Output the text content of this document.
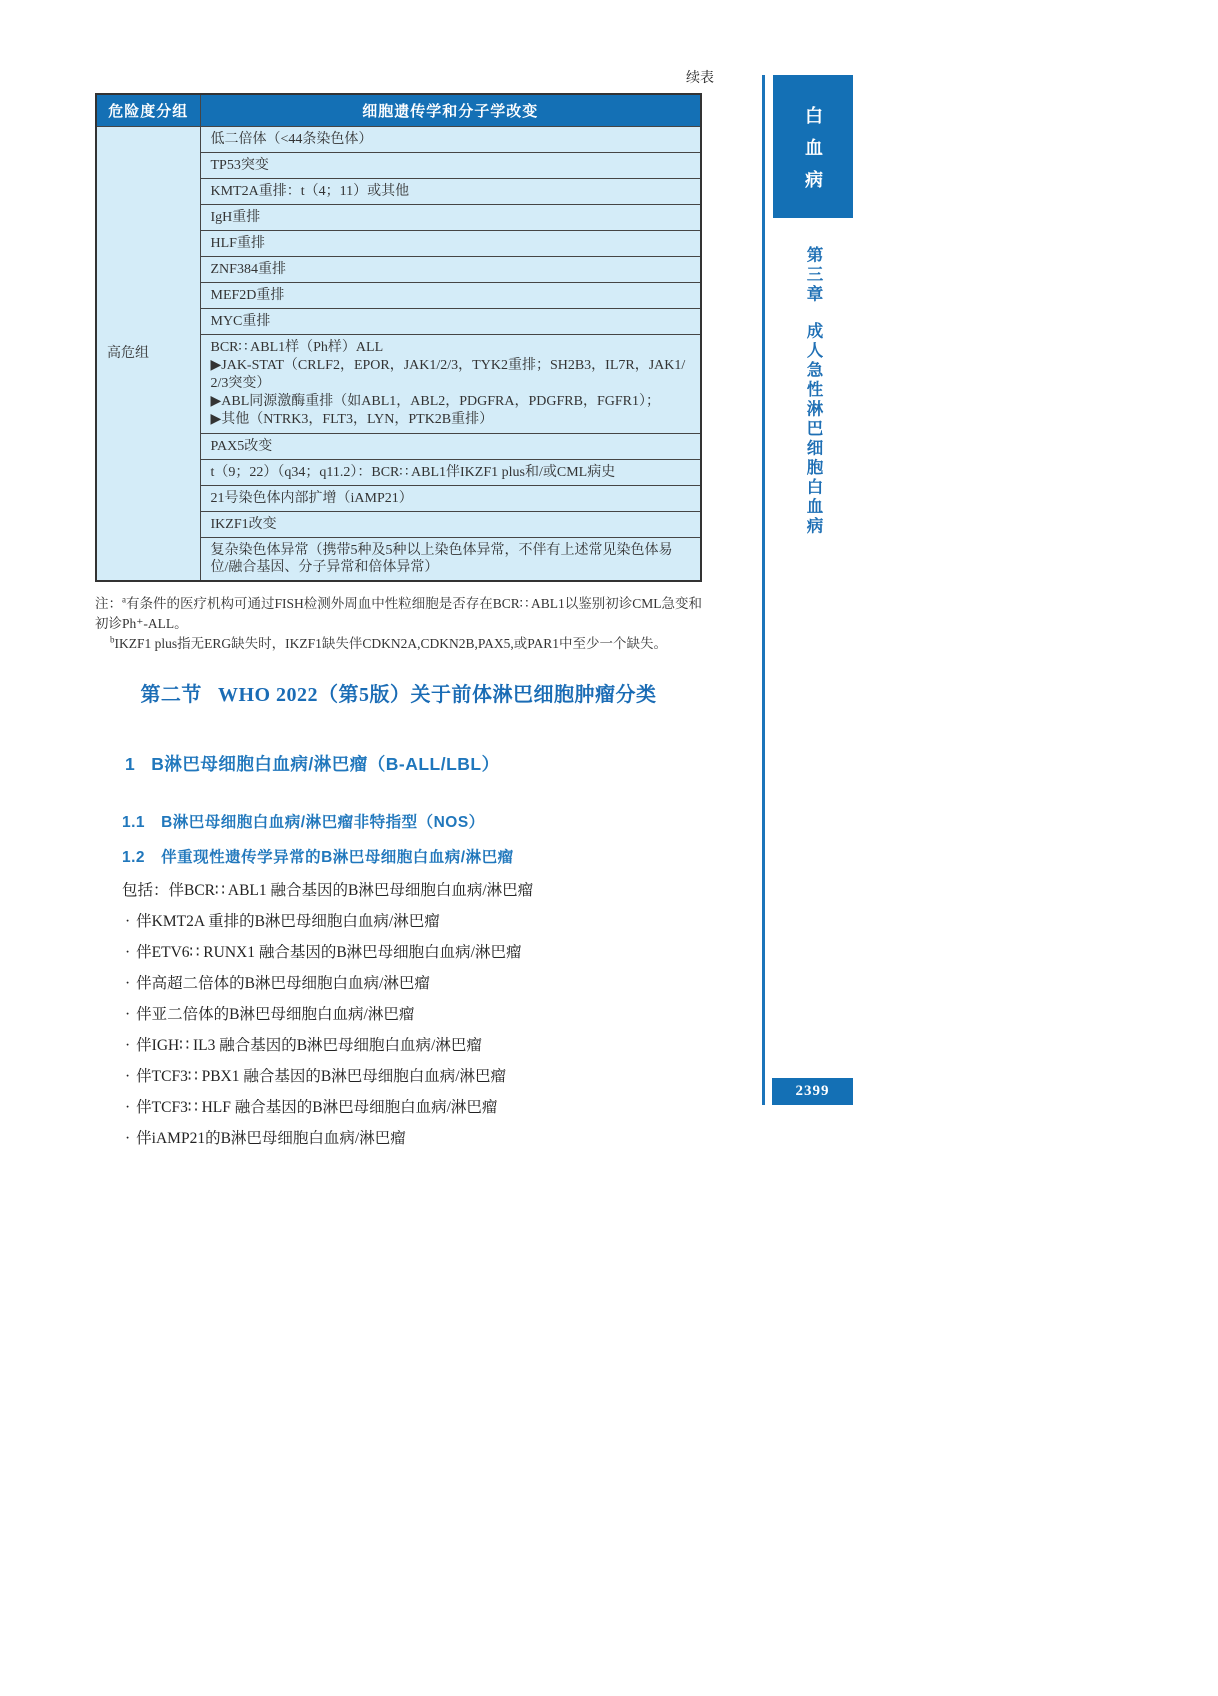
续表
危险度分组	细胞遗传学和分子学改变
高危组	低二倍体（<44条染色体）
	TP53突变
	KMT2A重排：t（4；11）或其他
	IgH重排
	HLF重排
	ZNF384重排
	MEF2D重排
	MYC重排

	BCR∷ ABL1样（Ph样）ALL
▶JAK-STAT（CRLF2，EPOR，JAK1/2/3，TYK2重排；SH2B3，IL7R，JAK1/2/3突变）
▶ABL同源激酶重排（如ABL1，ABL2，PDGFRA，PDGFRB，FGFR1）；
▶其他（NTRK3，FLT3，LYN，PTK2B重排）

	PAX5改变
	t（9；22）（q34；q11.2）：BCR∷ ABL1伴IKZF1 plus和/或CML病史
	21号染色体内部扩增（iAMP21）
	IKZF1改变
	复杂染色体异常（携带5种及5种以上染色体异常，不伴有上述常见染色体易位/融合基因、分子异常和倍体异常）
注：$^a$有条件的医疗机构可通过FISH检测外周血中性粒细胞是否存在BCR∷ ABL1以鉴别初诊CML急变和初诊Ph⁺-ALL。
$^b$IKZF1 plus指无ERG缺失时，IKZF1缺失伴CDKN2A,CDKN2B,PAX5,或PAR1中至少一个缺失。
第二节 WHO 2022（第5版）关于前体淋巴细胞肿瘤分类
1 B淋巴母细胞白血病/淋巴瘤（B-ALL/LBL）
1.1 B淋巴母细胞白血病/淋巴瘤非特指型（NOS）
1.2 伴重现性遗传学异常的B淋巴母细胞白血病/淋巴瘤

包括：伴BCR∷ ABL1 融合基因的B淋巴母细胞白血病/淋巴瘤

· 伴KMT2A 重排的B淋巴母细胞白血病/淋巴瘤
· 伴ETV6∷ RUNX1 融合基因的B淋巴母细胞白血病/淋巴瘤
· 伴高超二倍体的B淋巴母细胞白血病/淋巴瘤
· 伴亚二倍体的B淋巴母细胞白血病/淋巴瘤
· 伴IGH∷ IL3 融合基因的B淋巴母细胞白血病/淋巴瘤
· 伴TCF3∷ PBX1 融合基因的B淋巴母细胞白血病/淋巴瘤
· 伴TCF3∷ HLF 融合基因的B淋巴母细胞白血病/淋巴瘤
· 伴iAMP21的B淋巴母细胞白血病/淋巴瘤
白血病
第三章
成人急性淋巴细胞白血病
2399
